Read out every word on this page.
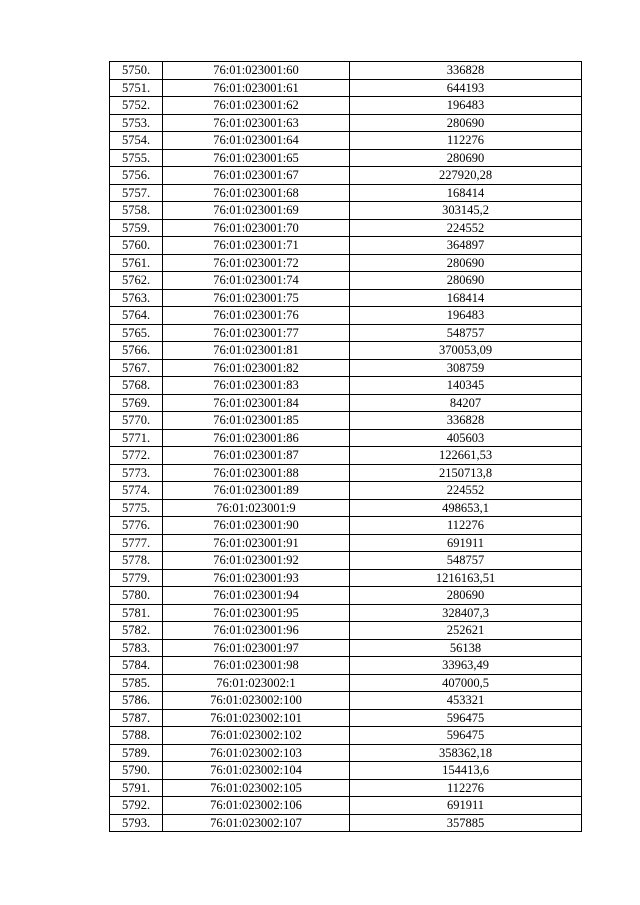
5750.	76:01:023001:60	336828
5751.	76:01:023001:61	644193
5752.	76:01:023001:62	196483
5753.	76:01:023001:63	280690
5754.	76:01:023001:64	112276
5755.	76:01:023001:65	280690
5756.	76:01:023001:67	227920,28
5757.	76:01:023001:68	168414
5758.	76:01:023001:69	303145,2
5759.	76:01:023001:70	224552
5760.	76:01:023001:71	364897
5761.	76:01:023001:72	280690
5762.	76:01:023001:74	280690
5763.	76:01:023001:75	168414
5764.	76:01:023001:76	196483
5765.	76:01:023001:77	548757
5766.	76:01:023001:81	370053,09
5767.	76:01:023001:82	308759
5768.	76:01:023001:83	140345
5769.	76:01:023001:84	84207
5770.	76:01:023001:85	336828
5771.	76:01:023001:86	405603
5772.	76:01:023001:87	122661,53
5773.	76:01:023001:88	2150713,8
5774.	76:01:023001:89	224552
5775.	76:01:023001:9	498653,1
5776.	76:01:023001:90	112276
5777.	76:01:023001:91	691911
5778.	76:01:023001:92	548757
5779.	76:01:023001:93	1216163,51
5780.	76:01:023001:94	280690
5781.	76:01:023001:95	328407,3
5782.	76:01:023001:96	252621
5783.	76:01:023001:97	56138
5784.	76:01:023001:98	33963,49
5785.	76:01:023002:1	407000,5
5786.	76:01:023002:100	453321
5787.	76:01:023002:101	596475
5788.	76:01:023002:102	596475
5789.	76:01:023002:103	358362,18
5790.	76:01:023002:104	154413,6
5791.	76:01:023002:105	112276
5792.	76:01:023002:106	691911
5793.	76:01:023002:107	357885
